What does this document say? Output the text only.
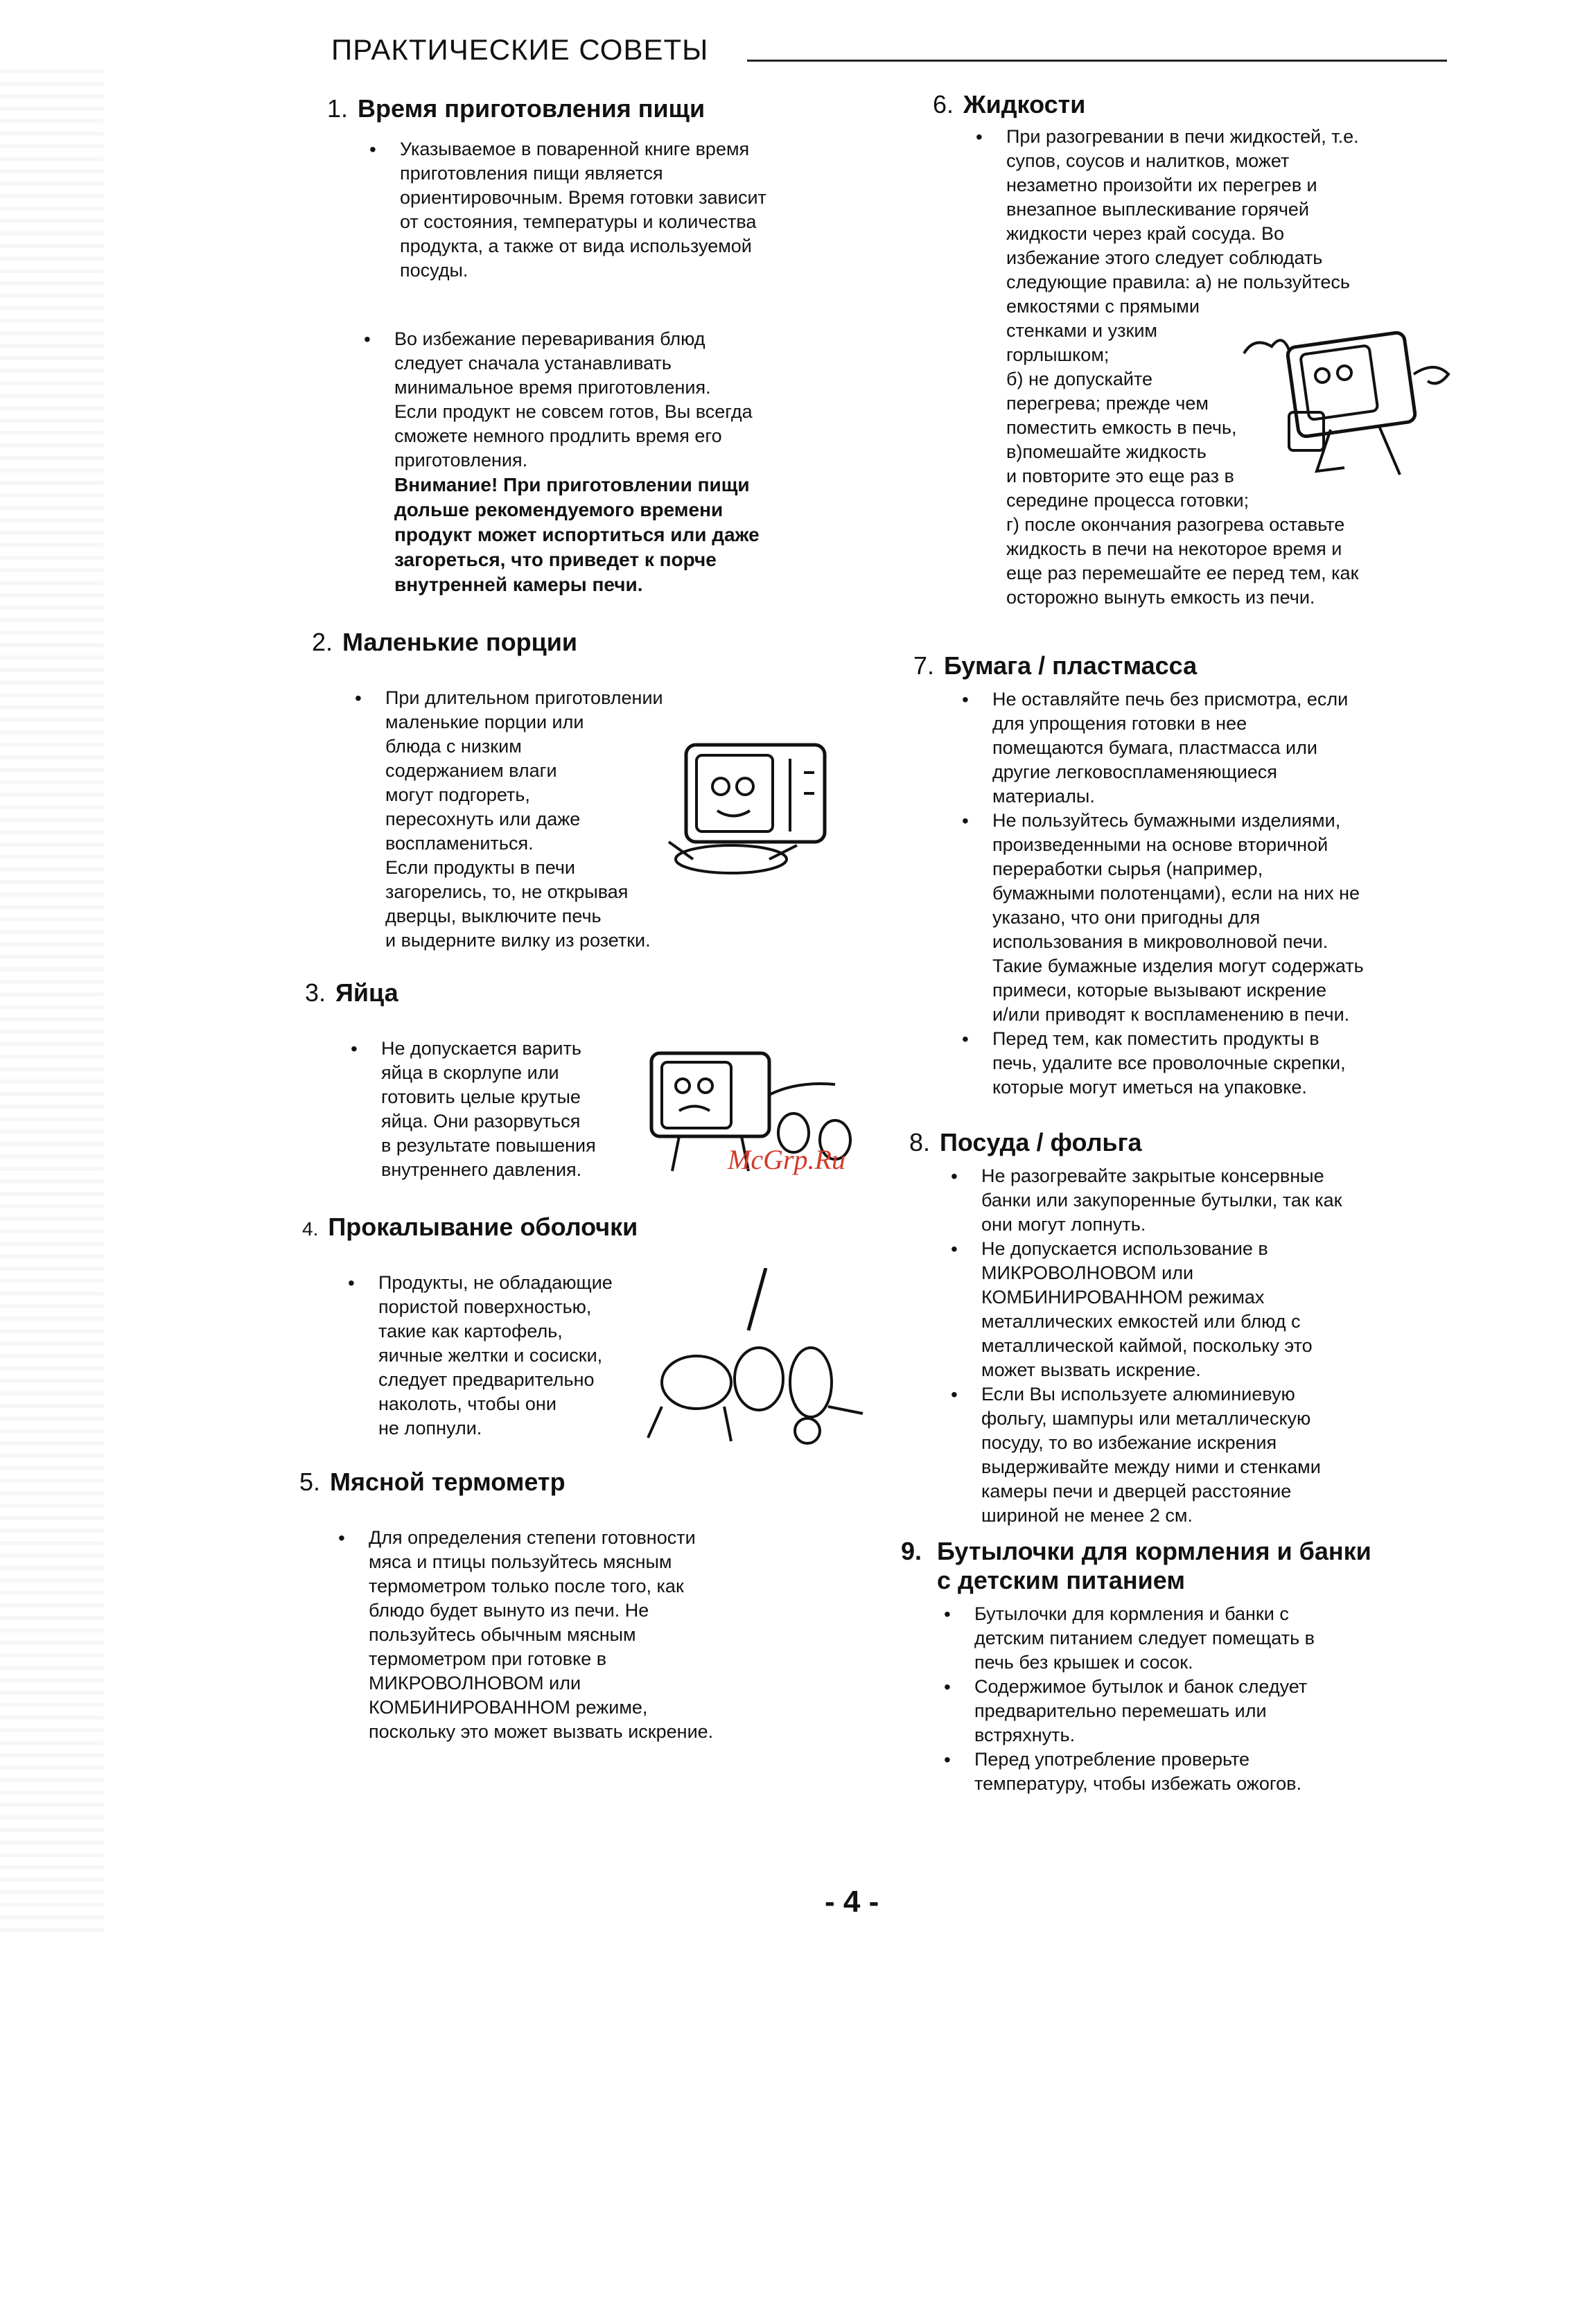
ПРАКТИЧЕСКИЕ СОВЕТЫ
1. Время приготовления пищи
• Указываемое в поваренной книге время
приготовления пищи является
ориентировочным. Время готовки зависит
от состояния, температуры и количества
продукта, а также от вида используемой
посуды.
• Во избежание переваривания блюд
следует сначала устанавливать
минимальное время приготовления.
Если продукт не совсем готов, Вы всегда
сможете немного продлить время его
приготовления.
Внимание! При приготовлении пищи
дольше рекомендуемого времени
продукт может испортиться или даже
загореться, что приведет к порче
внутренней камеры печи.
2. Маленькие порции
• При длительном приготовлении
маленькие порции или
блюда с низким
содержанием влаги
могут подгореть,
пересохнуть или даже
воспламениться.
Если продукты в печи
загорелись, то, не открывая
дверцы, выключите печь
и выдерните вилку из розетки.
3. Яйца
• Не допускается варить
яйца в скорлупе или
готовить целые крутые
яйца. Они разорвуться
в результате повышения
внутреннего давления.	McGrp.Ru
4. Прокалывание оболочки
• Продукты, не обладающие
пористой поверхностью,
такие как картофель,
яичные желтки и сосиски,
следует предварительно
наколоть, чтобы они
не лопнули.
5. Мясной термометр
• Для определения степени готовности
мяса и птицы пользуйтесь мясным
термометром только после того, как
блюдо будет вынуто из печи. Не
пользуйтесь обычным мясным
термометром при готовке в
МИКРОВОЛНОВОМ или
КОМБИНИРОВАННОМ режиме,
поскольку это может вызвать искрение.
6. Жидкости
• При разогревании в печи жидкостей, т.е.
супов, соусов и налитков, может
незаметно произойти их перегрев и
внезапное выплескивание горячей
жидкости через край сосуда. Во
избежание этого следует соблюдать
следующие правила: а) не пользуйтесь
емкостями с прямыми
стенками и узким
горлышком;
б) не допускайте
перегрева; прежде чем
поместить емкость в печь,
в)помешайте жидкость
и повторите это еще раз в
середине процесса готовки;
г) после окончания разогрева оставьте
жидкость в печи на некоторое время и
еще раз перемешайте ее перед тем, как
осторожно вынуть емкость из печи.
7. Бумага / пластмасса
• Не оставляйте печь без присмотра, если
для упрощения готовки в нее
помещаются бумага, пластмасса или
другие легковоспламеняющиеся
материалы.
• Не пользуйтесь бумажными изделиями,
произведенными на основе вторичной
переработки сырья (например,
бумажными полотенцами), если на них не
указано, что они пригодны для
использования в микроволновой печи.
Такие бумажные изделия могут содержать
примеси, которые вызывают искрение
и/или приводят к воспламенению в печи.
• Перед тем, как поместить продукты в
печь, удалите все проволочные скрепки,
которые могут иметься на упаковке.
8. Посуда / фольга
• Не разогревайте закрытые консервные
банки или закупоренные бутылки, так как
они могут лопнуть.
• Не допускается использование в
МИКРОВОЛНОВОМ или
КОМБИНИРОВАННОМ режимах
металлических емкостей или блюд с
металлической каймой, поскольку это
может вызвать искрение.
• Если Вы используете алюминиевую
фольгу, шампуры или металлическую
посуду, то во избежание искрения
выдерживайте между ними и стенками
камеры печи и дверцей расстояние
шириной не менее 2 см.
9. Бутылочки для кормления и банки
с детским питанием
• Бутылочки для кормления и банки с
детским питанием следует помещать в
печь без крышек и сосок.
• Содержимое бутылок и банок следует
предварительно перемешать или
встряхнуть.
• Перед употребление проверьте
температуру, чтобы избежать ожогов.
- 4 -
